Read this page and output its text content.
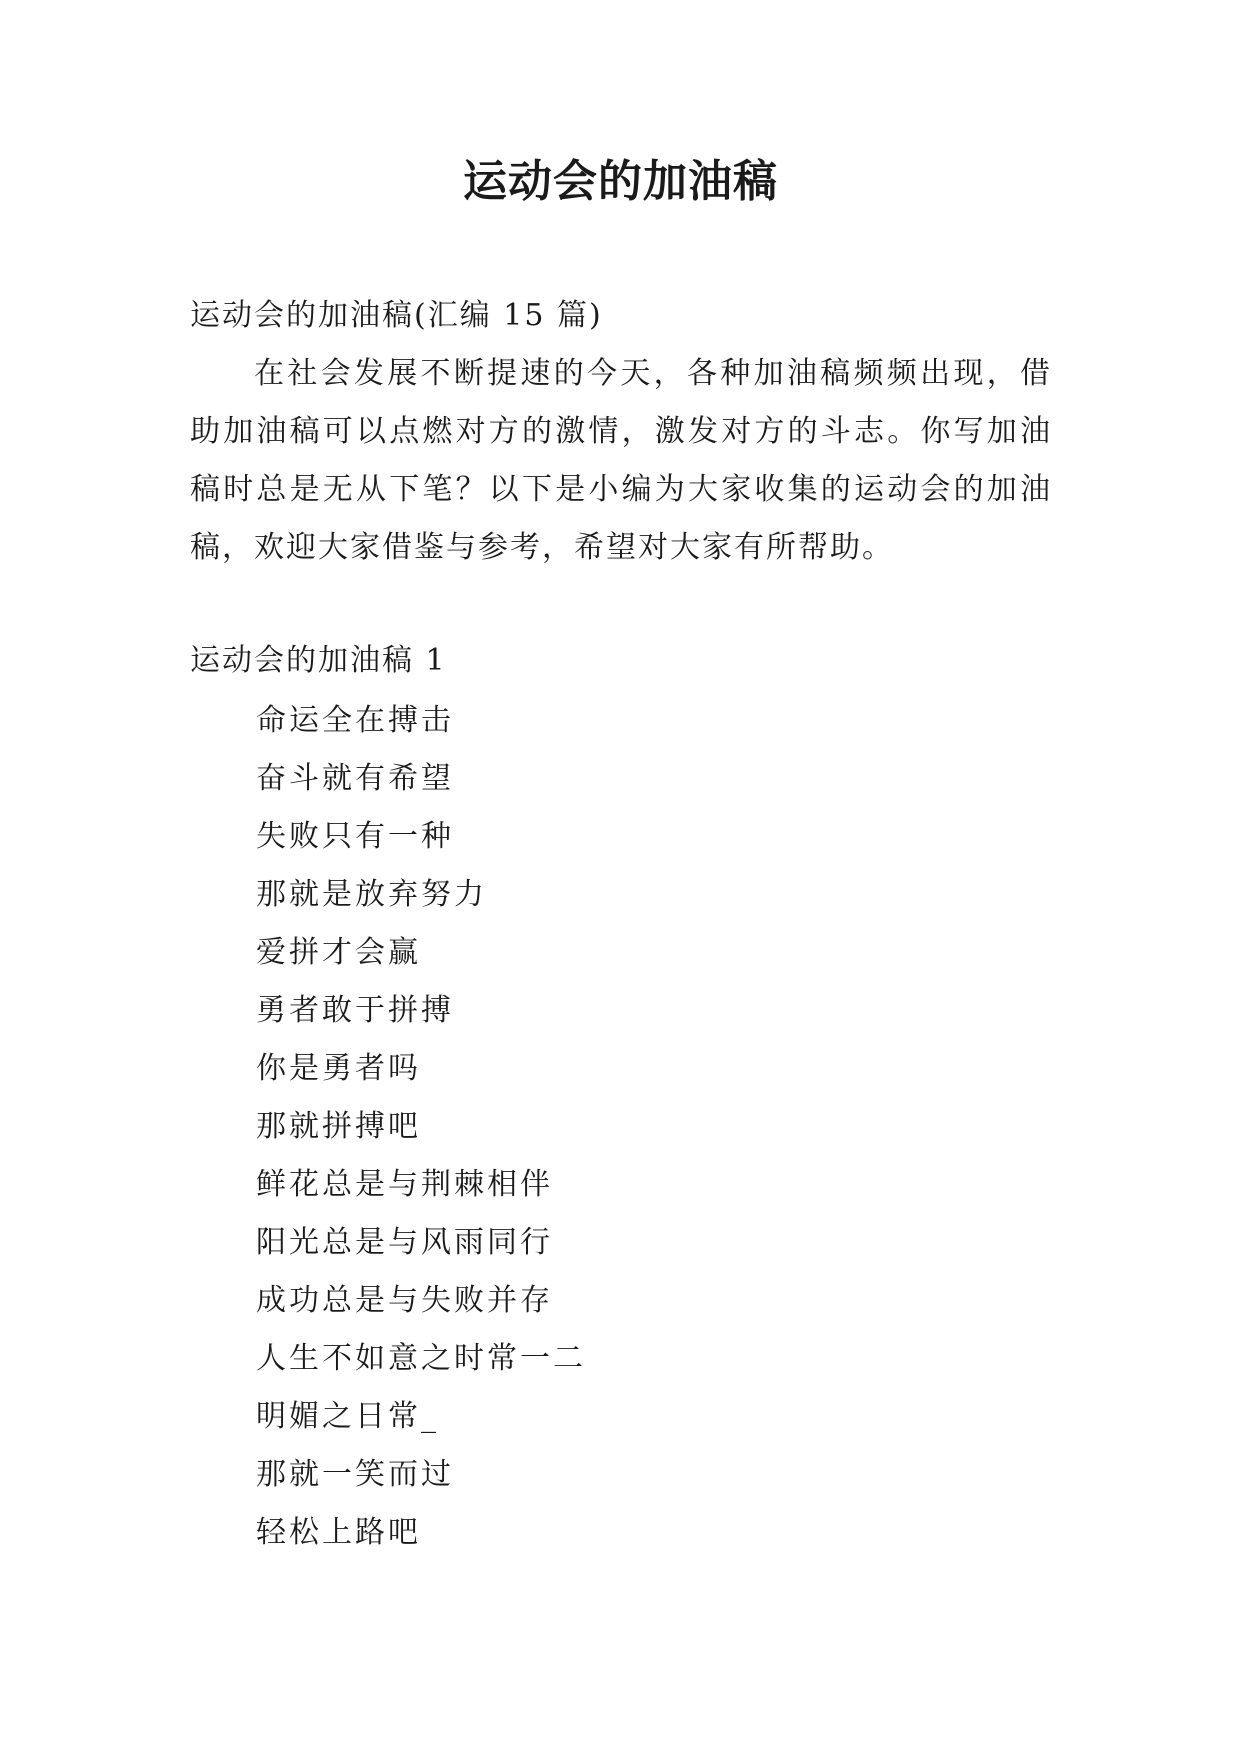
运动会的加油稿

运动会的加油稿(汇编 15 篇)

在社会发展不断提速的今天，各种加油稿频频出现，借助加油稿可以点燃对方的激情，激发对方的斗志。你写加油稿时总是无从下笔？以下是小编为大家收集的运动会的加油稿，欢迎大家借鉴与参考，希望对大家有所帮助。

运动会的加油稿 1

命运全在搏击
奋斗就有希望
失败只有一种
那就是放弃努力
爱拼才会赢
勇者敢于拼搏
你是勇者吗
那就拼搏吧
鲜花总是与荆棘相伴
阳光总是与风雨同行
成功总是与失败并存
人生不如意之时常一二
明媚之日常_
那就一笑而过
轻松上路吧
